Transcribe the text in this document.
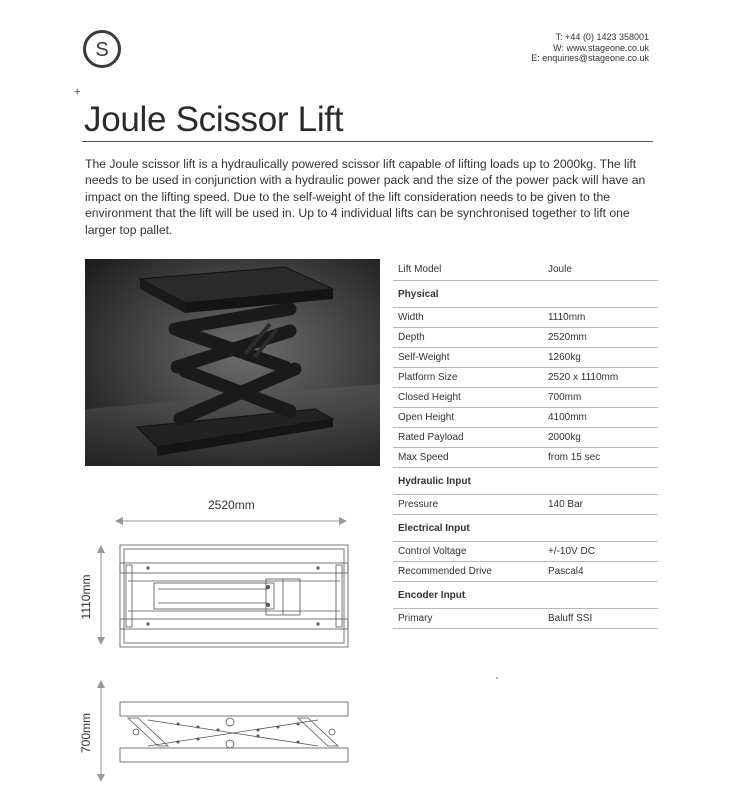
S
T: +44 (0) 1423 358001
W: www.stageone.co.uk
E: enquiries@stageone.co.uk
+
Joule Scissor Lift

The Joule scissor lift is a hydraulically powered scissor lift capable of lifting loads up to 2000kg. The lift needs to be used in conjunction with a hydraulic power pack and the size of the power pack will have an impact on the lifting speed. Due to the self-weight of the lift consideration needs to be given to the environment that the lift will be used in. Up to 4 individual lifts can be synchronised together to lift one larger top pallet.

Lift Model	Joule
Physical	
Width	1110mm
Depth	2520mm
Self-Weight	1260kg
Platform Size	2520 x 1110mm
Closed Height	700mm
Open Height	4100mm
Rated Payload	2000kg
Max Speed	from 15 sec
Hydraulic Input	
Pressure	140 Bar
Electrical Input	
Control Voltage	+/-10V DC
Recommended Drive	Pascal4
Encoder Input	
Primary	Baluff SSI
2520mm
1110mm
700mm
